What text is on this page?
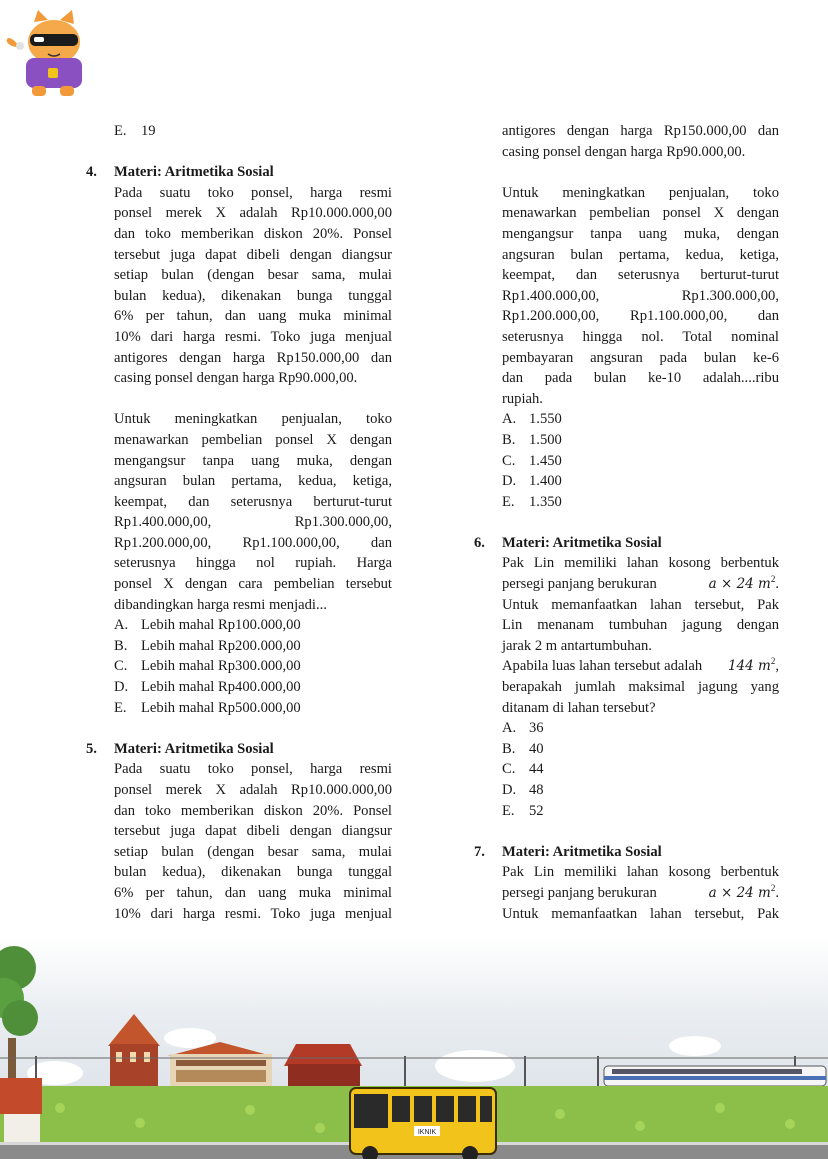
E. 19
4.	Materi: Aritmetika Sosial
Pada suatu toko ponsel, harga resmi
ponsel merek X adalah Rp10.000.000,00
dan toko memberikan diskon 20%. Ponsel
tersebut juga dapat dibeli dengan diangsur
setiap bulan (dengan besar sama, mulai
bulan kedua), dikenakan bunga tunggal
6% per tahun, dan uang muka minimal
10% dari harga resmi. Toko juga menjual
antigores dengan harga Rp150.000,00 dan
casing ponsel dengan harga Rp90.000,00.
Untuk meningkatkan penjualan, toko
menawarkan pembelian ponsel X dengan
mengangsur tanpa uang muka, dengan
angsuran bulan pertama, kedua, ketiga,
keempat, dan seterusnya berturut-turut
Rp1.400.000,00, Rp1.300.000,00,
Rp1.200.000,00, Rp1.100.000,00, dan
seterusnya hingga nol rupiah. Harga
ponsel X dengan cara pembelian tersebut
dibandingkan harga resmi menjadi...
A. Lebih mahal Rp100.000,00
B. Lebih mahal Rp200.000,00
C. Lebih mahal Rp300.000,00
D. Lebih mahal Rp400.000,00
E. Lebih mahal Rp500.000,00
5.	Materi: Aritmetika Sosial
Pada suatu toko ponsel, harga resmi
ponsel merek X adalah Rp10.000.000,00
dan toko memberikan diskon 20%. Ponsel
tersebut juga dapat dibeli dengan diangsur
setiap bulan (dengan besar sama, mulai
bulan kedua), dikenakan bunga tunggal
6% per tahun, dan uang muka minimal
10% dari harga resmi. Toko juga menjual
antigores dengan harga Rp150.000,00 dan
casing ponsel dengan harga Rp90.000,00.
Untuk meningkatkan penjualan, toko
menawarkan pembelian ponsel X dengan
mengangsur tanpa uang muka, dengan
angsuran bulan pertama, kedua, ketiga,
keempat, dan seterusnya berturut-turut
Rp1.400.000,00, Rp1.300.000,00,
Rp1.200.000,00, Rp1.100.000,00, dan
seterusnya hingga nol. Total nominal
pembayaran angsuran pada bulan ke-6
dan pada bulan ke-10 adalah....ribu
rupiah.
A. 1.550
B. 1.500
C. 1.450
D. 1.400
E. 1.350
6.	Materi: Aritmetika Sosial
Pak Lin memiliki lahan kosong berbentuk
persegi panjang berukuran	a × 24 $m^2$.
Untuk memanfaatkan lahan tersebut, Pak
Lin menanam tumbuhan jagung dengan
jarak 2 m antartumbuhan.
Apabila luas lahan tersebut adalah 144 $m^2$,
berapakah jumlah maksimal jagung yang
ditanam di lahan tersebut?
A. 36
B. 40
C. 44
D. 48
E. 52
7.	Materi: Aritmetika Sosial
Pak Lin memiliki lahan kosong berbentuk
persegi panjang berukuran	a × 24 $m^2$.
Untuk memanfaatkan lahan tersebut, Pak
IKNIK
